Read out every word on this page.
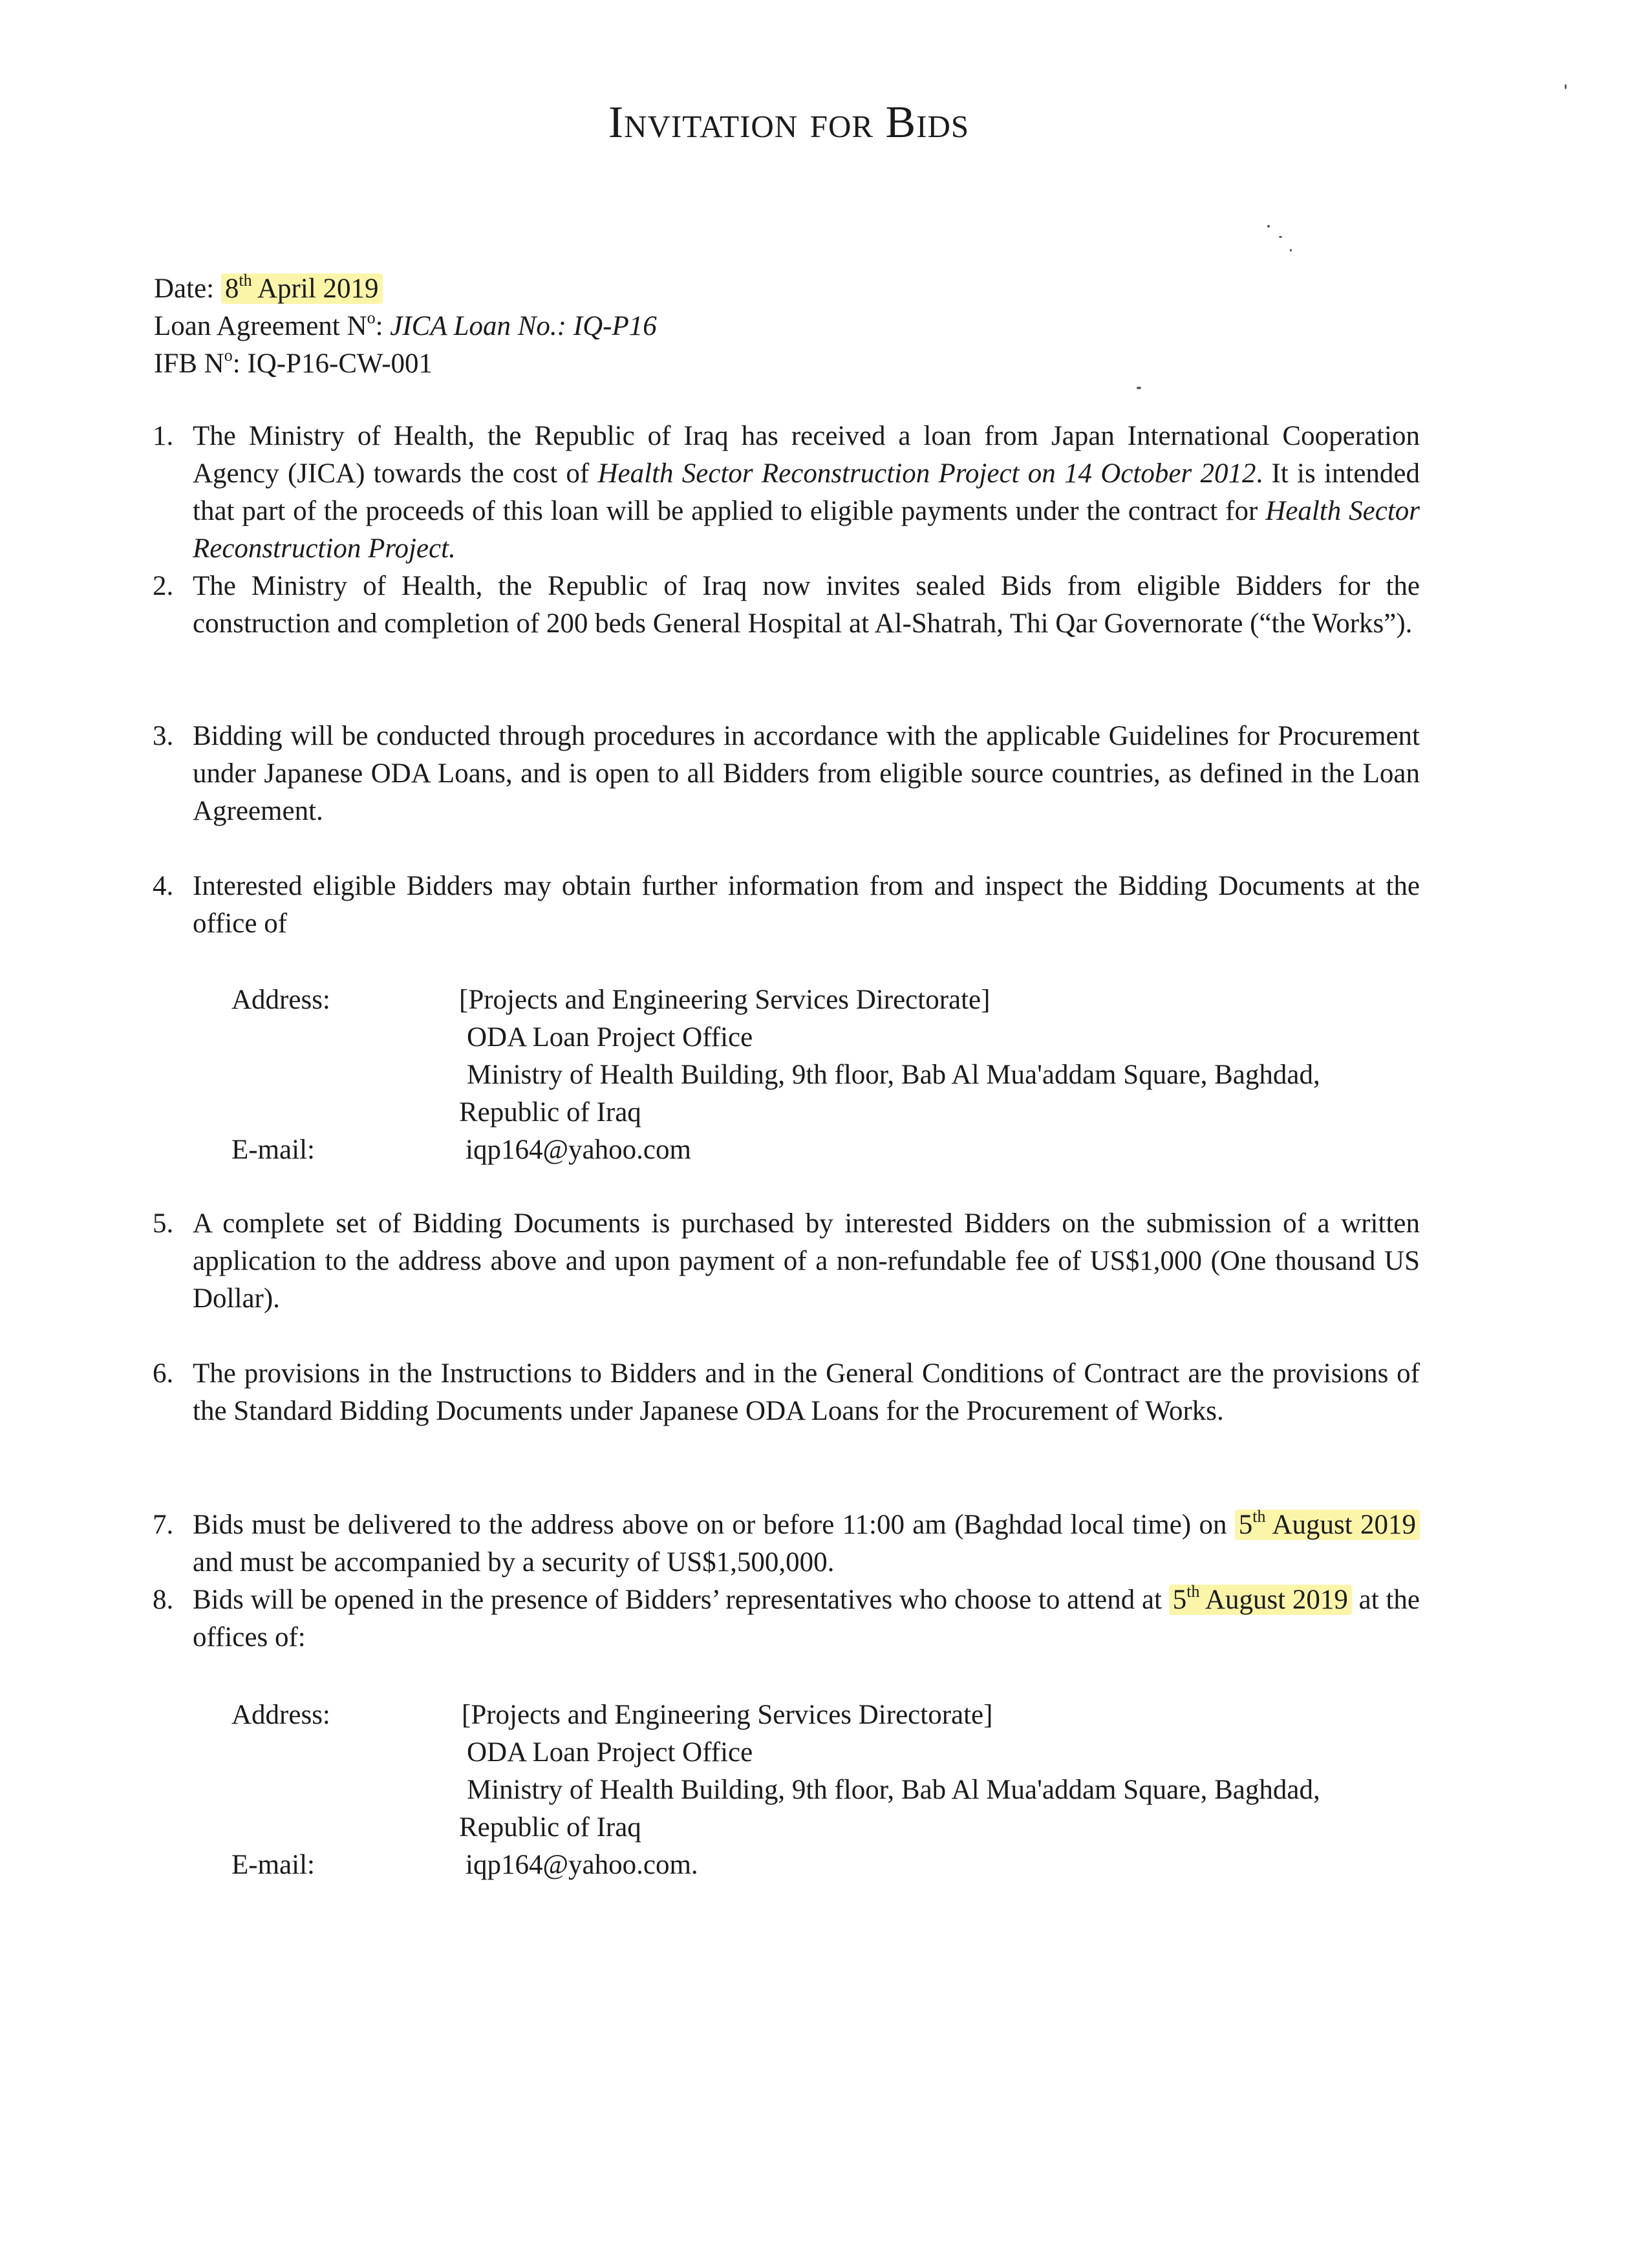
Invitation for Bids
Date: 8th April 2019
Loan Agreement $N^o$: JICA Loan No.: IQ-P16
IFB $N^o$: IQ-P16-CW-001
1. The Ministry of Health, the Republic of Iraq has received a loan from Japan International Cooperation Agency (JICA) towards the cost of Health Sector Reconstruction Project on 14 October 2012. It is intended that part of the proceeds of this loan will be applied to eligible payments under the contract for Health Sector Reconstruction Project.
2. The Ministry of Health, the Republic of Iraq now invites sealed Bids from eligible Bidders for the construction and completion of 200 beds General Hospital at Al-Shatrah, Thi Qar Governorate (“the Works”).
3. Bidding will be conducted through procedures in accordance with the applicable Guidelines for Procurement under Japanese ODA Loans, and is open to all Bidders from eligible source countries, as defined in the Loan Agreement.
4. Interested eligible Bidders may obtain further information from and inspect the Bidding Documents at the office of
Address:	[Projects and Engineering Services Directorate]
ODA Loan Project Office
Ministry of Health Building, 9th floor, Bab Al Mua'addam Square, Baghdad,
Republic of Iraq
E-mail:	iqp164@yahoo.com
5. A complete set of Bidding Documents is purchased by interested Bidders on the submission of a written application to the address above and upon payment of a non-refundable fee of US$1,000 (One thousand US Dollar).
6. The provisions in the Instructions to Bidders and in the General Conditions of Contract are the provisions of the Standard Bidding Documents under Japanese ODA Loans for the Procurement of Works.
7. Bids must be delivered to the address above on or before 11:00 am (Baghdad local time) on 5th August 2019 and must be accompanied by a security of US$1,500,000.
8. Bids will be opened in the presence of Bidders’ representatives who choose to attend at 5th August 2019 at the offices of:
Address:	[Projects and Engineering Services Directorate]
ODA Loan Project Office
Ministry of Health Building, 9th floor, Bab Al Mua'addam Square, Baghdad,
Republic of Iraq
E-mail:	iqp164@yahoo.com.
